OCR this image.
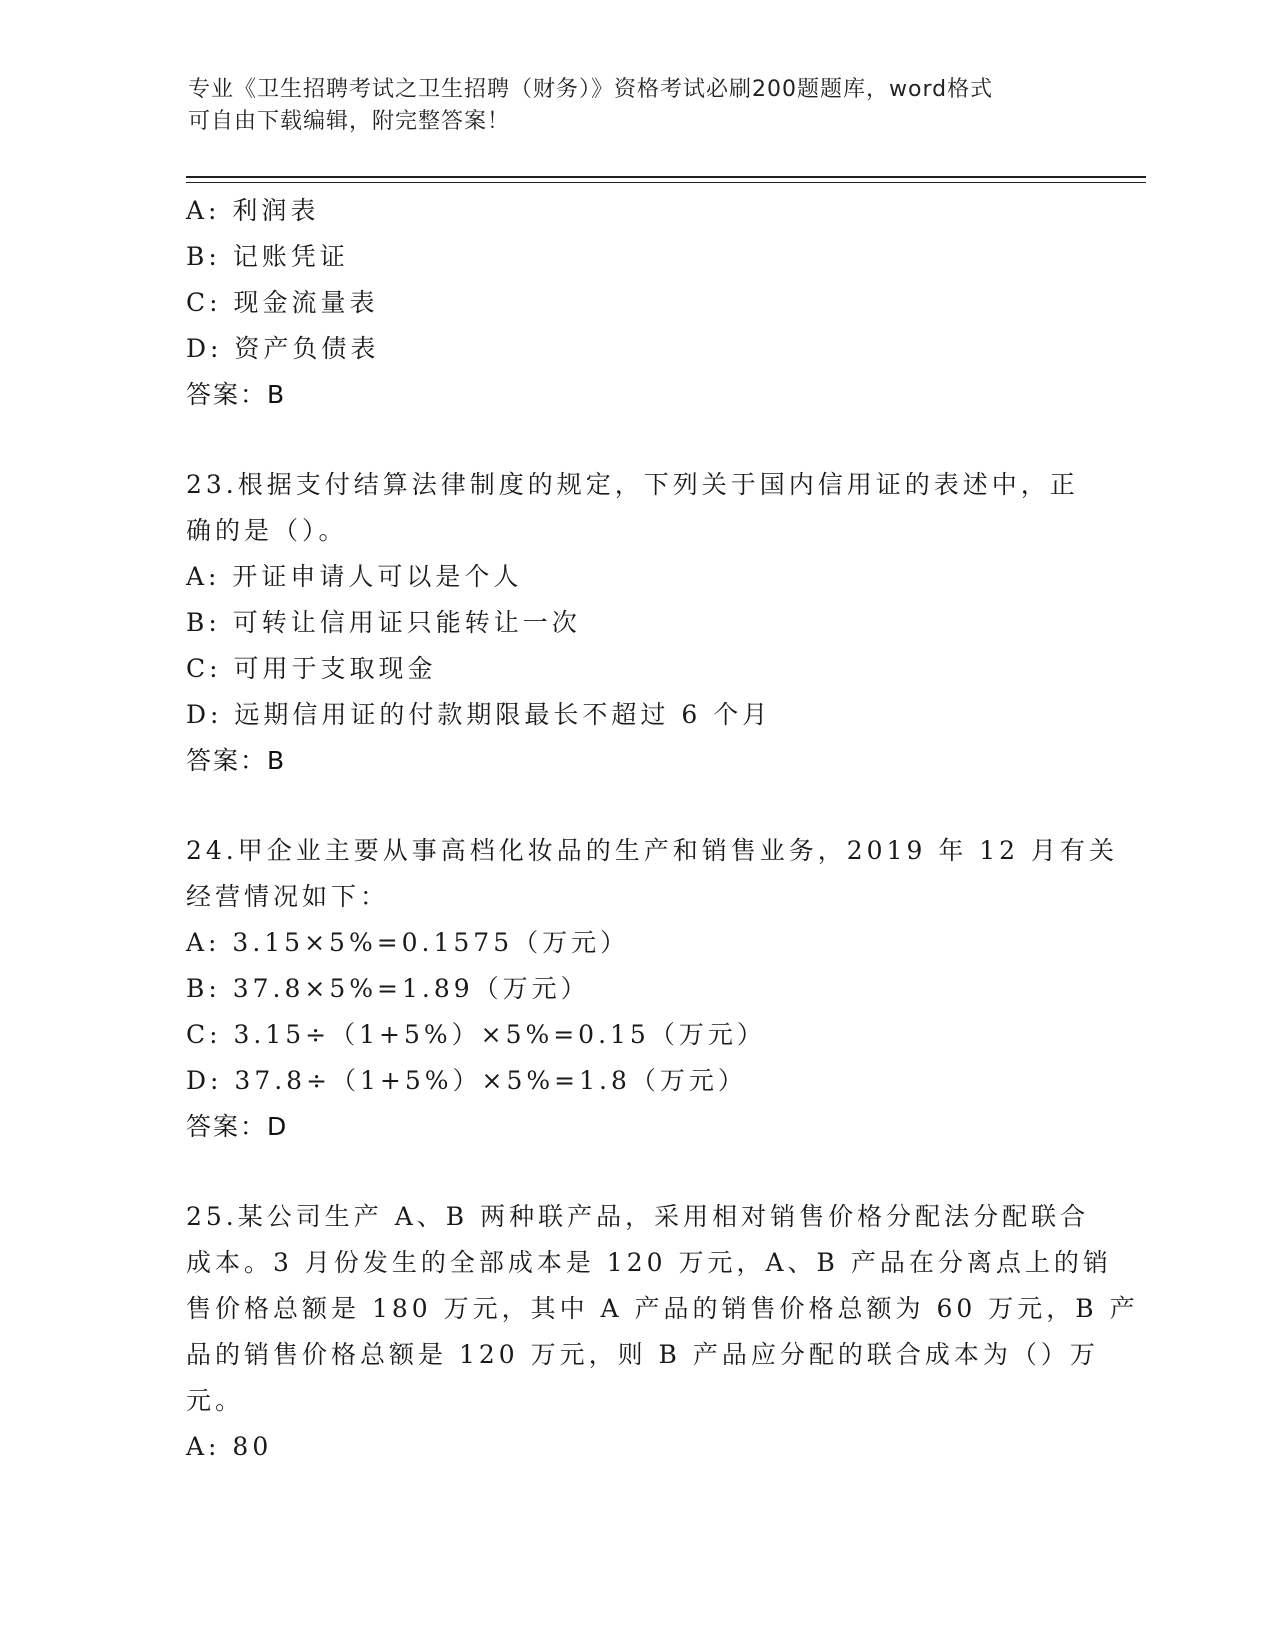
专业《卫生招聘考试之卫生招聘（财务）》资格考试必刷200题题库，word格式
可自由下载编辑，附完整答案！
A: 利润表
B: 记账凭证
C: 现金流量表
D: 资产负债表
答案：B
23.根据支付结算法律制度的规定，下列关于国内信用证的表述中，正
确的是（）。
A: 开证申请人可以是个人
B: 可转让信用证只能转让一次
C: 可用于支取现金
D: 远期信用证的付款期限最长不超过 6 个月
答案：B
24.甲企业主要从事高档化妆品的生产和销售业务，2019 年 12 月有关
经营情况如下：
A: 3.15×5%=0.1575（万元）
B: 37.8×5%=1.89（万元）
C: 3.15÷（1+5%）×5%=0.15（万元）
D: 37.8÷（1+5%）×5%=1.8（万元）
答案：D
25.某公司生产 A、B 两种联产品，采用相对销售价格分配法分配联合
成本。3 月份发生的全部成本是 120 万元，A、B 产品在分离点上的销
售价格总额是 180 万元，其中 A 产品的销售价格总额为 60 万元，B 产
品的销售价格总额是 120 万元，则 B 产品应分配的联合成本为（）万
元。
A: 80
